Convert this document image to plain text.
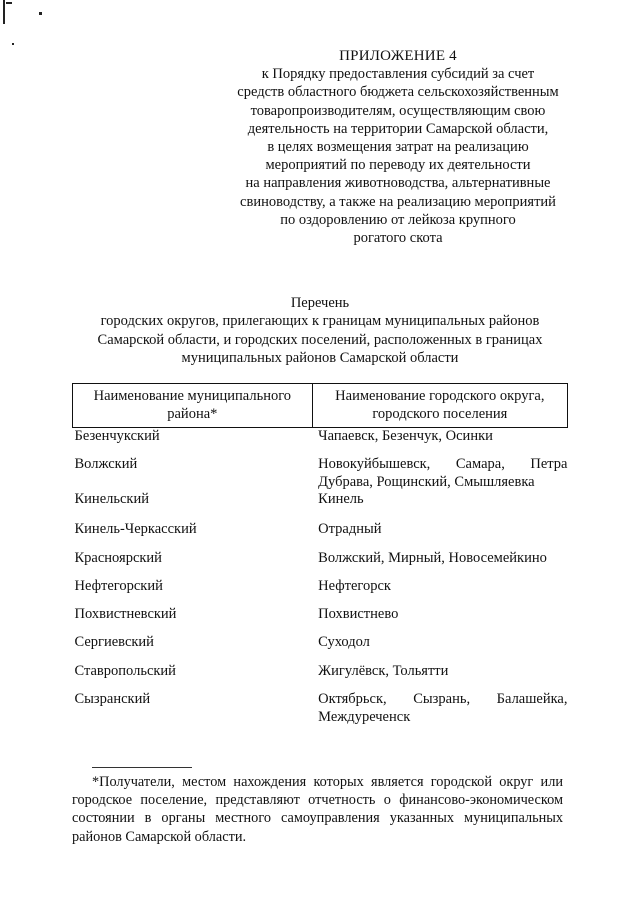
ПРИЛОЖЕНИЕ 4
к Порядку предоставления субсидий за счет
средств областного бюджета сельскохозяйственным
товаропроизводителям, осуществляющим свою
деятельность на территории Самарской области,
в целях возмещения затрат на реализацию
мероприятий по переводу их деятельности
на направления животноводства, альтернативные
свиноводству, а также на реализацию мероприятий
по оздоровлению от лейкоза крупного
рогатого скота
Перечень
городских округов, прилегающих к границам муниципальных районов
Самарской области, и городских поселений, расположенных в границах
муниципальных районов Самарской области
Наименование муниципального района*	Наименование городского округа, городского поселения
Безенчукский	Чапаевск, Безенчук, Осинки
Волжский	Новокуйбышевск, Самара, Петра Дубрава, Рощинский, Смышляевка
Кинельский	Кинель
Кинель-Черкасский	Отрадный
Красноярский	Волжский, Мирный, Новосемейкино
Нефтегорский	Нефтегорск
Похвистневский	Похвистнево
Сергиевский	Суходол
Ставропольский	Жигулёвск, Тольятти
Сызранский	Октябрьск, Сызрань, Балашейка, Междуреченск
*Получатели, местом нахождения которых является городской округ или городское поселение, представляют отчетность о финансово-экономическом состоянии в органы местного самоуправления указанных муниципальных районов Самарской области.
